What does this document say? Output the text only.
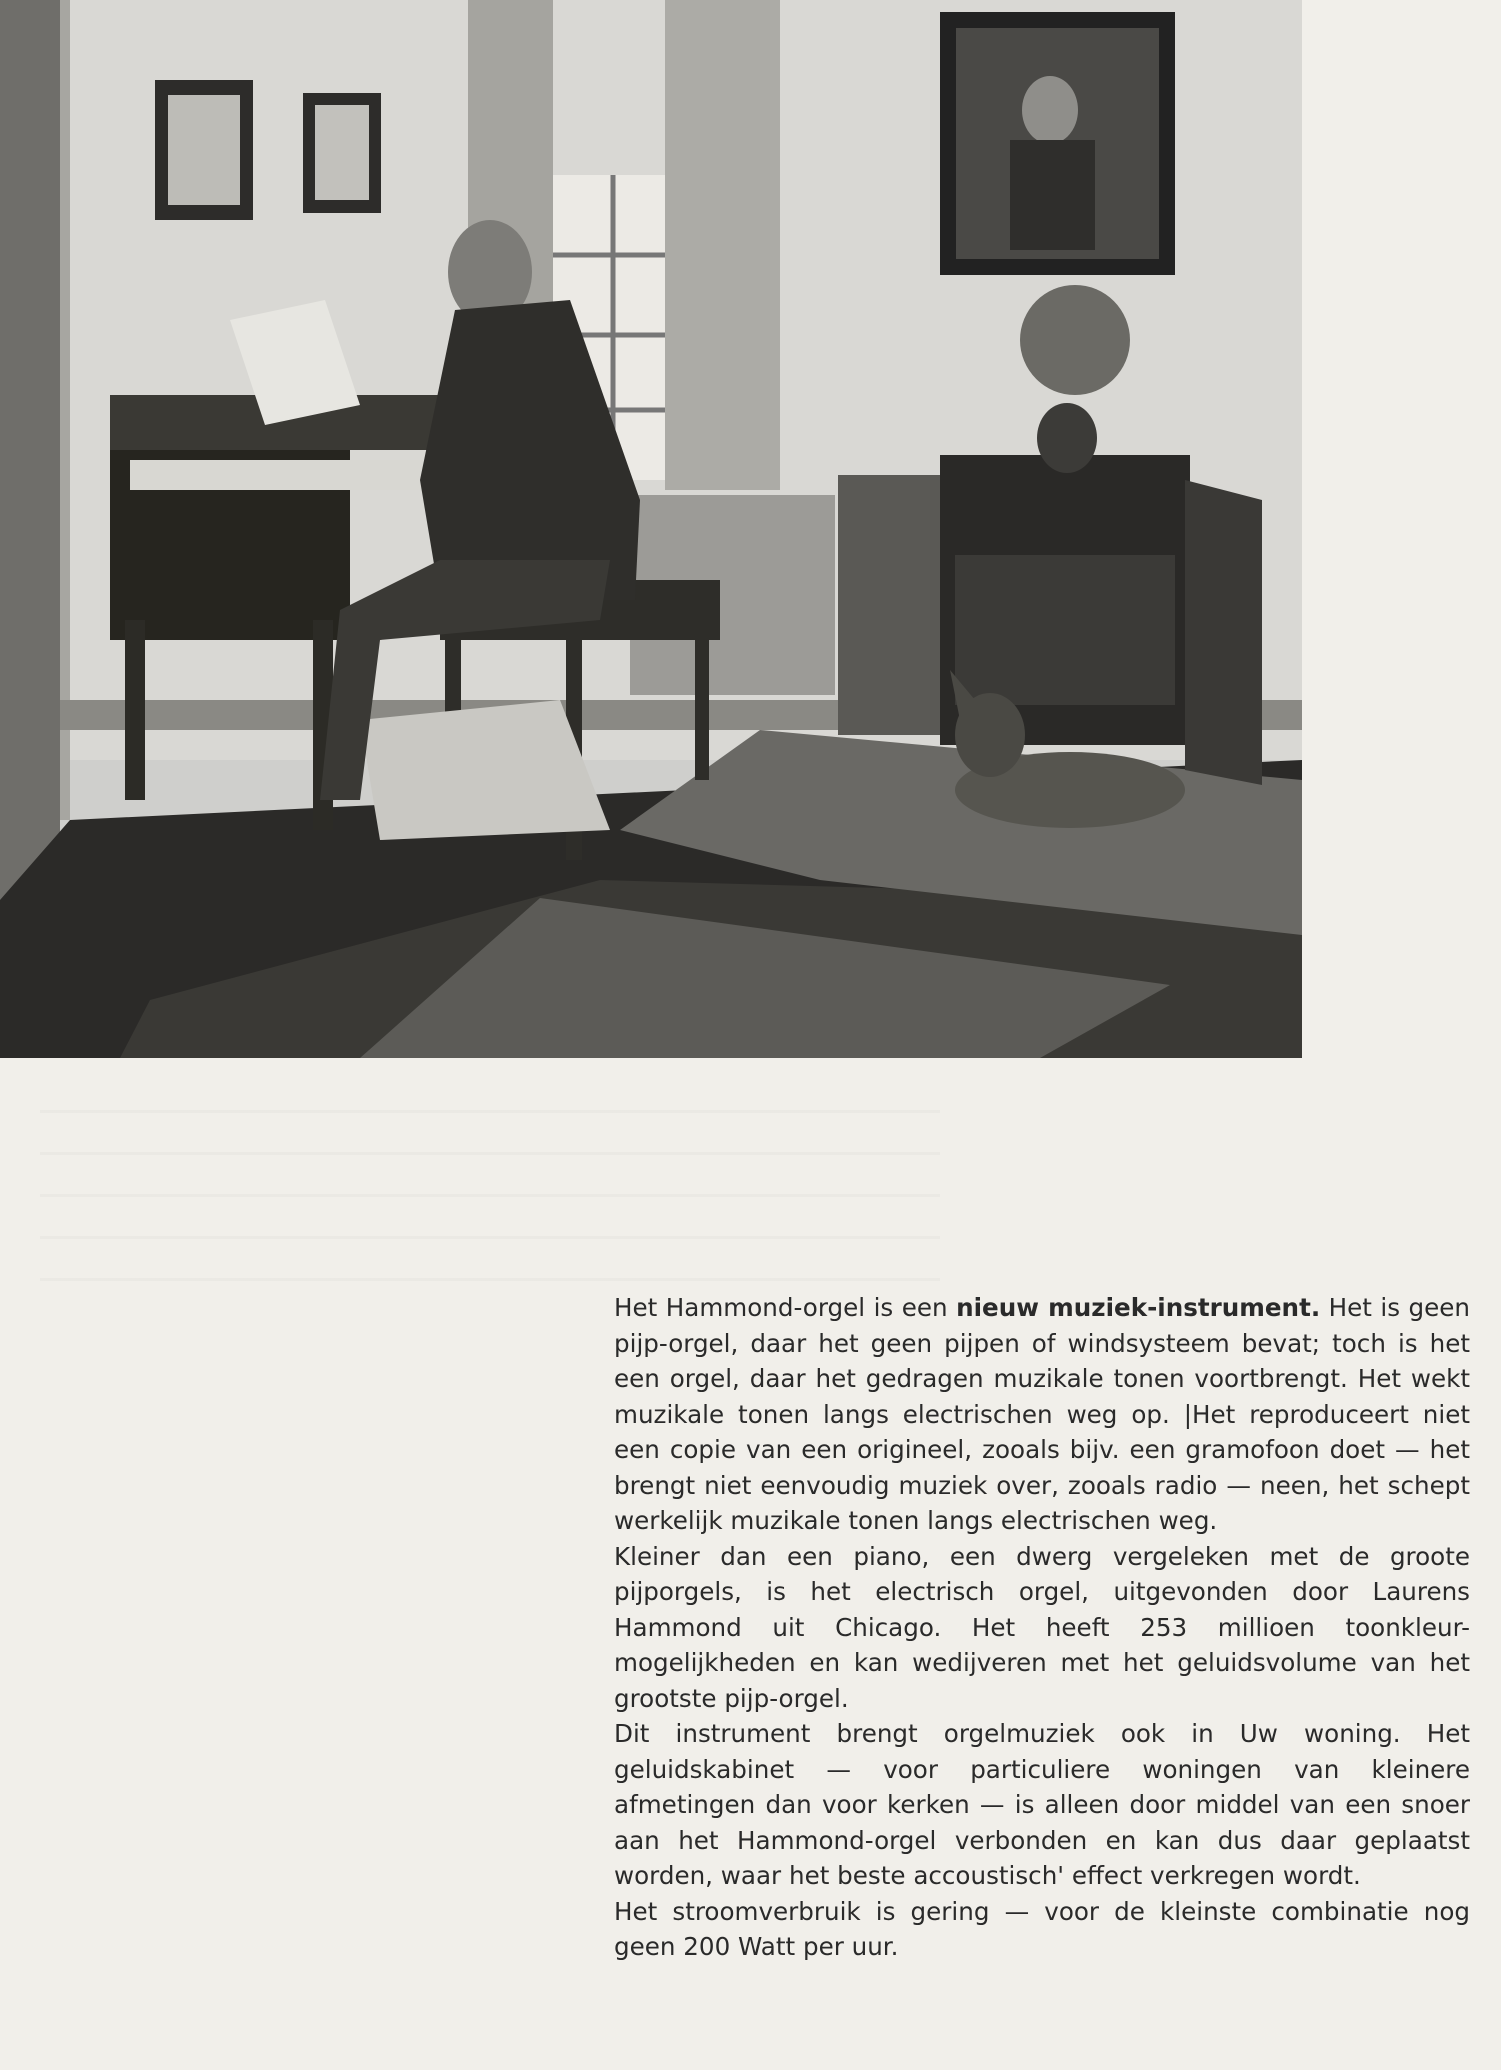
Het Hammond-orgel is een nieuw muziek-instrument. Het is geen pijp-orgel, daar het geen pijpen of windsysteem bevat; toch is het een orgel, daar het gedragen muzikale tonen voortbrengt. Het wekt muzikale tonen langs electrischen weg op. |Het reproduceert niet een copie van een origineel, zooals bijv. een gramofoon doet — het brengt niet eenvoudig muziek over, zooals radio — neen, het schept werkelijk muzikale tonen langs electrischen weg.

Kleiner dan een piano, een dwerg vergeleken met de groote pijporgels, is het electrisch orgel, uitgevonden door Laurens Hammond uit Chicago. Het heeft 253 millioen toonkleur-mogelijkheden en kan wedijveren met het geluidsvolume van het grootste pijp-orgel.

Dit instrument brengt orgelmuziek ook in Uw woning. Het geluidskabinet — voor particuliere woningen van kleinere afmetingen dan voor kerken — is alleen door middel van een snoer aan het Hammond-orgel verbonden en kan dus daar geplaatst worden, waar het beste accoustisch' effect verkregen wordt.

Het stroomverbruik is gering — voor de kleinste combinatie nog geen 200 Watt per uur.
